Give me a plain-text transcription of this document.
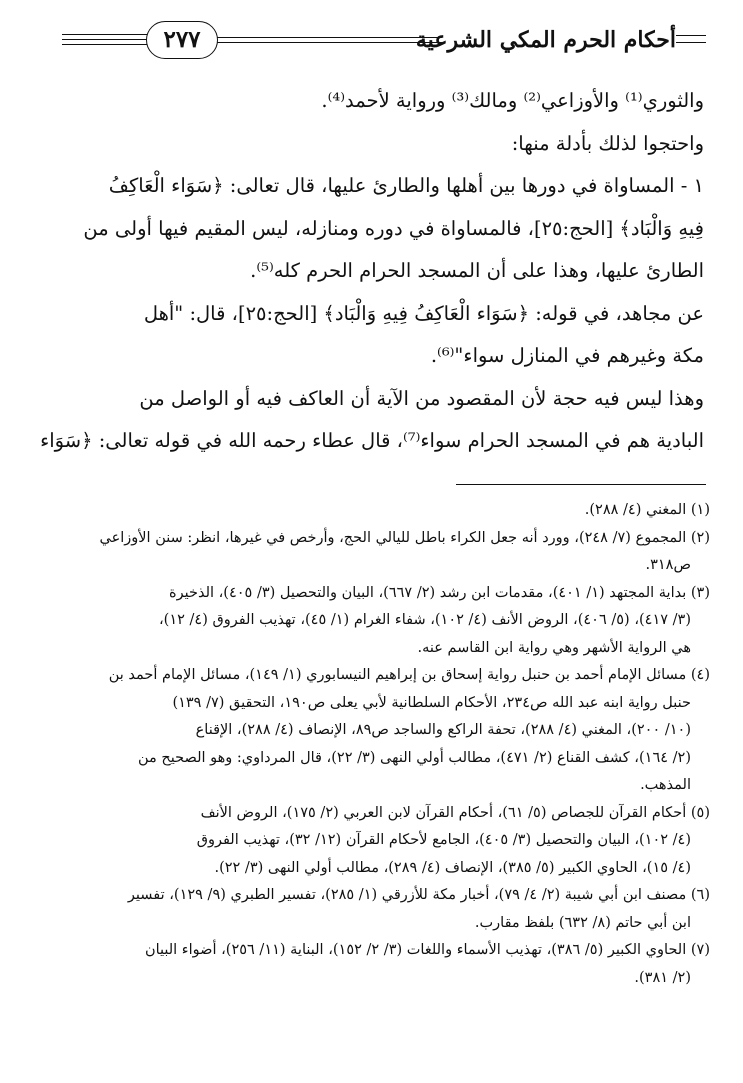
٢٧٧	أحكام الحرم المكي الشرعية

والثوري⁽¹⁾ والأوزاعي⁽²⁾ ومالك⁽³⁾ ورواية لأحمد⁽⁴⁾.

واحتجوا لذلك بأدلة منها:

١ - المساواة في دورها بين أهلها والطارئ عليها، قال تعالى: ﴿سَوَاء الْعَاكِفُ

فِيهِ وَالْبَاد﴾ [الحج:٢٥]، فالمساواة في دوره ومنازله، ليس المقيم فيها أولى من

الطارئ عليها، وهذا على أن المسجد الحرام الحرم كله⁽⁵⁾.

عن مجاهد، في قوله: ﴿سَوَاء الْعَاكِفُ فِيهِ وَالْبَاد﴾ [الحج:٢٥]، قال: "أهل

مكة وغيرهم في المنازل سواء"⁽⁶⁾.

وهذا ليس فيه حجة لأن المقصود من الآية أن العاكف فيه أو الواصل من

البادية هم في المسجد الحرام سواء⁽⁷⁾، قال عطاء رحمه الله في قوله تعالى: ﴿سَوَاء

(١) المغني (٤/ ٢٨٨).

(٢) المجموع (٧/ ٢٤٨)، وورد أنه جعل الكراء باطل لليالي الحج، وأرخص في غيرها، انظر: سنن الأوزاعي

ص٣١٨.

(٣) بداية المجتهد (١/ ٤٠١)، مقدمات ابن رشد (٢/ ٦٦٧)، البيان والتحصيل (٣/ ٤٠٥)، الذخيرة

(٣/ ٤١٧)، (٥/ ٤٠٦)، الروض الأنف (٤/ ١٠٢)، شفاء الغرام (١/ ٤٥)، تهذيب الفروق (٤/ ١٢)،

هي الرواية الأشهر وهي رواية ابن القاسم عنه.

(٤) مسائل الإمام أحمد بن حنبل رواية إسحاق بن إبراهيم النيسابوري (١/ ١٤٩)، مسائل الإمام أحمد بن

حنبل رواية ابنه عبد الله ص٢٣٤، الأحكام السلطانية لأبي يعلى ص١٩٠، التحقيق (٧/ ١٣٩)

(١٠/ ٢٠٠)، المغني (٤/ ٢٨٨)، تحفة الراكع والساجد ص٨٩، الإنصاف (٤/ ٢٨٨)، الإقناع

(٢/ ١٦٤)، كشف القناع (٢/ ٤٧١)، مطالب أولي النهى (٣/ ٢٢)، قال المرداوي: وهو الصحيح من

المذهب.

(٥) أحكام القرآن للجصاص (٥/ ٦١)، أحكام القرآن لابن العربي (٢/ ١٧٥)، الروض الأنف

(٤/ ١٠٢)، البيان والتحصيل (٣/ ٤٠٥)، الجامع لأحكام القرآن (١٢/ ٣٢)، تهذيب الفروق

(٤/ ١٥)، الحاوي الكبير (٥/ ٣٨٥)، الإنصاف (٤/ ٢٨٩)، مطالب أولي النهى (٣/ ٢٢).

(٦) مصنف ابن أبي شيبة (٢/ ٤/ ٧٩)، أخبار مكة للأزرقي (١/ ٢٨٥)، تفسير الطبري (٩/ ١٢٩)، تفسير

ابن أبي حاتم (٨/ ٦٣٢) بلفظ مقارب.

(٧) الحاوي الكبير (٥/ ٣٨٦)، تهذيب الأسماء واللغات (٣/ ٢/ ١٥٢)، البناية (١١/ ٢٥٦)، أضواء البيان

(٢/ ٣٨١).
